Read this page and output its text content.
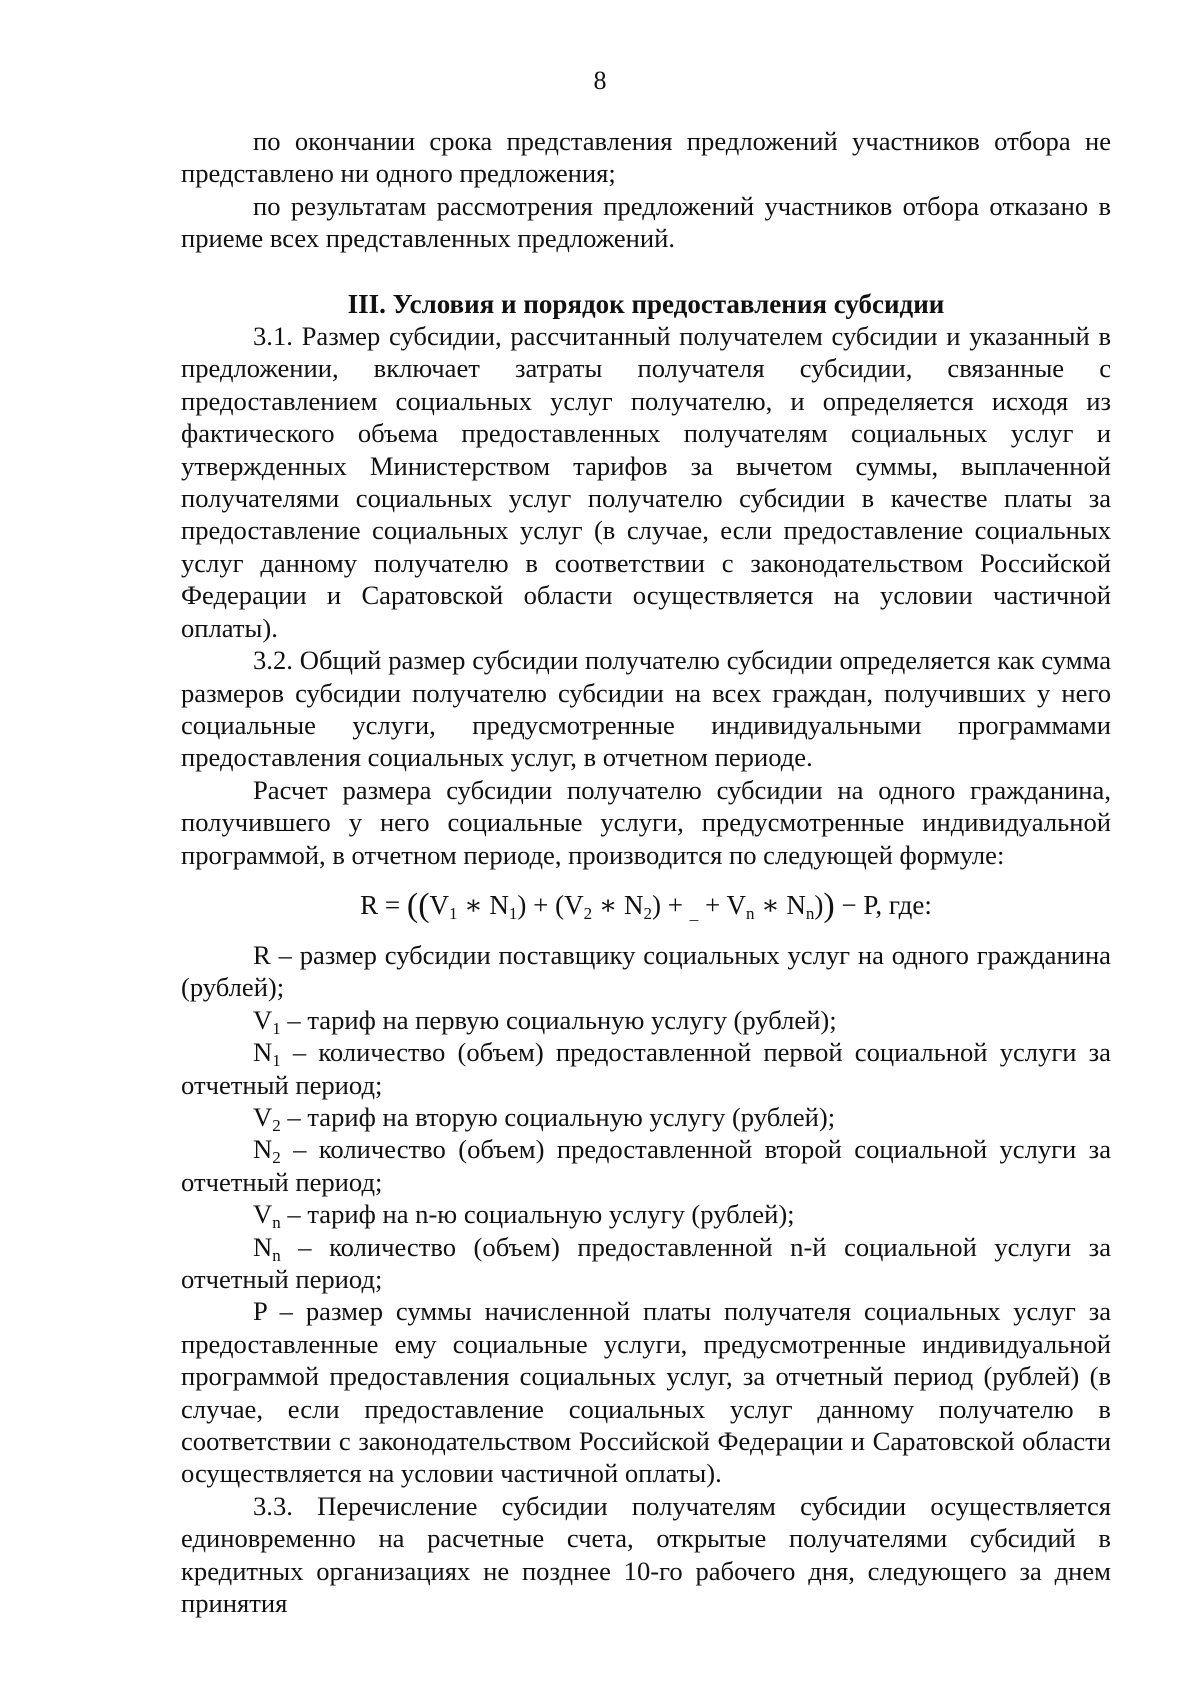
8

по окончании срока представления предложений участников отбора не представлено ни одного предложения;

по результатам рассмотрения предложений участников отбора отказано в приеме всех представленных предложений.

III. Условия и порядок предоставления субсидии

3.1. Размер субсидии, рассчитанный получателем субсидии и указанный в предложении, включает затраты получателя субсидии, связанные с предоставлением социальных услуг получателю, и определяется исходя из фактического объема предоставленных получателям социальных услуг и утвержденных Министерством тарифов за вычетом суммы, выплаченной получателями социальных услуг получателю субсидии в качестве платы за предоставление социальных услуг (в случае, если предоставление социальных услуг данному получателю в соответствии с законодательством Российской Федерации и Саратовской области осуществляется на условии частичной оплаты).

3.2. Общий размер субсидии получателю субсидии определяется как сумма размеров субсидии получателю субсидии на всех граждан, получивших у него социальные услуги, предусмотренные индивидуальными программами предоставления социальных услуг, в отчетном периоде.

Расчет размера субсидии получателю субсидии на одного гражданина, получившего у него социальные услуги, предусмотренные индивидуальной программой, в отчетном периоде, производится по следующей формуле:

$R = ((V_1$ ∗ $N_1) + (V_2$ ∗ $N_2) + _{\_} + V_n$ ∗ $N_n)) - P$, где:

R – размер субсидии поставщику социальных услуг на одного гражданина (рублей);

$V_1$ – тариф на первую социальную услугу (рублей);

$N_1$ – количество (объем) предоставленной первой социальной услуги за отчетный период;

$V_2$ – тариф на вторую социальную услугу (рублей);

$N_2$ – количество (объем) предоставленной второй социальной услуги за отчетный период;

$V_n$ – тариф на n-ю социальную услугу (рублей);

$N_n$ – количество (объем) предоставленной n-й социальной услуги за отчетный период;

P – размер суммы начисленной платы получателя социальных услуг за предоставленные ему социальные услуги, предусмотренные индивидуальной программой предоставления социальных услуг, за отчетный период (рублей) (в случае, если предоставление социальных услуг данному получателю в соответствии с законодательством Российской Федерации и Саратовской области осуществляется на условии частичной оплаты).

3.3. Перечисление субсидии получателям субсидии осуществляется единовременно на расчетные счета, открытые получателями субсидий в кредитных организациях не позднее 10-го рабочего дня, следующего за днем принятия
